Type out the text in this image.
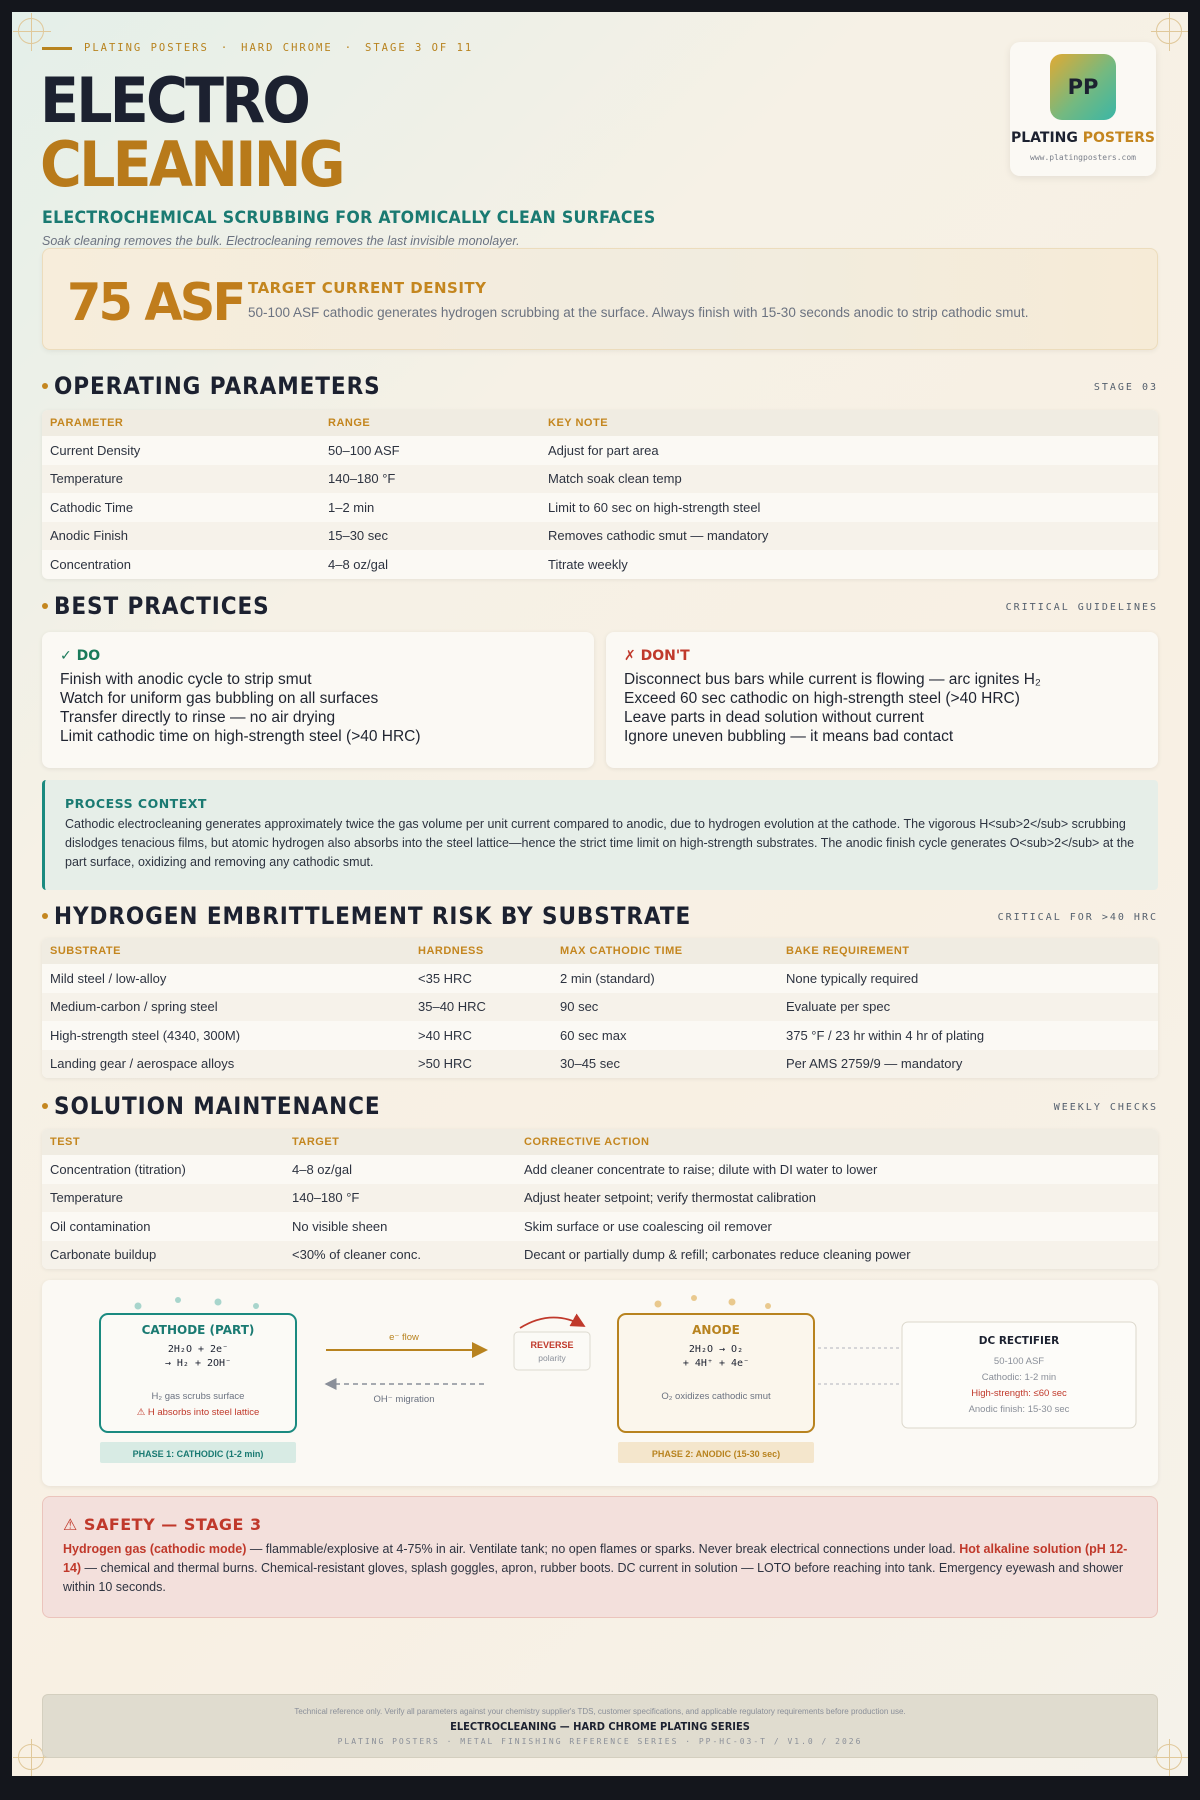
PLATING POSTERS · HARD CHROME · STAGE 3 OF 11
ELECTRO
CLEANING
ELECTROCHEMICAL SCRUBBING FOR ATOMICALLY CLEAN SURFACES
Soak cleaning removes the bulk. Electrocleaning removes the last invisible monolayer.
PP
PLATING POSTERS
www.platingposters.com
75 ASF TARGET CURRENT DENSITY
50-100 ASF cathodic generates hydrogen scrubbing at the surface. Always finish with 15-30 seconds anodic to strip cathodic smut.
OPERATING PARAMETERS	STAGE 03
PARAMETER	RANGE	KEY NOTE
Current Density	50–100 ASF	Adjust for part area
Temperature	140–180 °F	Match soak clean temp
Cathodic Time	1–2 min	Limit to 60 sec on high-strength steel
Anodic Finish	15–30 sec	Removes cathodic smut — mandatory
Concentration	4–8 oz/gal	Titrate weekly
BEST PRACTICES	CRITICAL GUIDELINES
✓ DO
Finish with anodic cycle to strip smut
Watch for uniform gas bubbling on all surfaces
Transfer directly to rinse — no air drying
Limit cathodic time on high-strength steel (>40 HRC)
✗ DON'T
Disconnect bus bars while current is flowing — arc ignites H₂
Exceed 60 sec cathodic on high-strength steel (>40 HRC)
Leave parts in dead solution without current
Ignore uneven bubbling — it means bad contact
PROCESS CONTEXT
Cathodic electrocleaning generates approximately twice the gas volume per unit current compared to anodic, due to hydrogen evolution at the cathode. The vigorous H<sub>2</sub> scrubbing dislodges tenacious films, but atomic hydrogen also absorbs into the steel lattice—hence the strict time limit on high-strength substrates. The anodic finish cycle generates O<sub>2</sub> at the part surface, oxidizing and removing any cathodic smut.
HYDROGEN EMBRITTLEMENT RISK BY SUBSTRATE	CRITICAL FOR >40 HRC
SUBSTRATE	HARDNESS	MAX CATHODIC TIME	BAKE REQUIREMENT
Mild steel / low-alloy	<35 HRC	2 min (standard)	None typically required
Medium-carbon / spring steel	35–40 HRC	90 sec	Evaluate per spec
High-strength steel (4340, 300M)	>40 HRC	60 sec max	375 °F / 23 hr within 4 hr of plating
Landing gear / aerospace alloys	>50 HRC	30–45 sec	Per AMS 2759/9 — mandatory
SOLUTION MAINTENANCE	WEEKLY CHECKS
TEST	TARGET	CORRECTIVE ACTION
Concentration (titration)	4–8 oz/gal	Add cleaner concentrate to raise; dilute with DI water to lower
Temperature	140–180 °F	Adjust heater setpoint; verify thermostat calibration
Oil contamination	No visible sheen	Skim surface or use coalescing oil remover
Carbonate buildup	<30% of cleaner conc.	Decant or partially dump & refill; carbonates reduce cleaning power
CATHODE (PART)
2H₂O + 2e⁻
→ H₂ + 2OH⁻
H₂ gas scrubs surface
⚠ H absorbs into steel lattice
PHASE 1: CATHODIC (1-2 min)
e⁻ flow
OH⁻ migration
REVERSE
polarity
ANODE
2H₂O → O₂
+ 4H⁺ + 4e⁻
O₂ oxidizes cathodic smut
PHASE 2: ANODIC (15-30 sec)
DC RECTIFIER
50-100 ASF
Cathodic: 1-2 min
High-strength: ≤60 sec
Anodic finish: 15-30 sec
⚠ SAFETY — STAGE 3
Hydrogen gas (cathodic mode) — flammable/explosive at 4-75% in air. Ventilate tank; no open flames or sparks. Never break electrical connections under load. Hot alkaline solution (pH 12-14) — chemical and thermal burns. Chemical-resistant gloves, splash goggles, apron, rubber boots. DC current in solution — LOTO before reaching into tank. Emergency eyewash and shower within 10 seconds.
Technical reference only. Verify all parameters against your chemistry supplier's TDS, customer specifications, and applicable regulatory requirements before production use.
ELECTROCLEANING — HARD CHROME PLATING SERIES
PLATING POSTERS · METAL FINISHING REFERENCE SERIES · PP-HC-03-T / V1.0 / 2026
